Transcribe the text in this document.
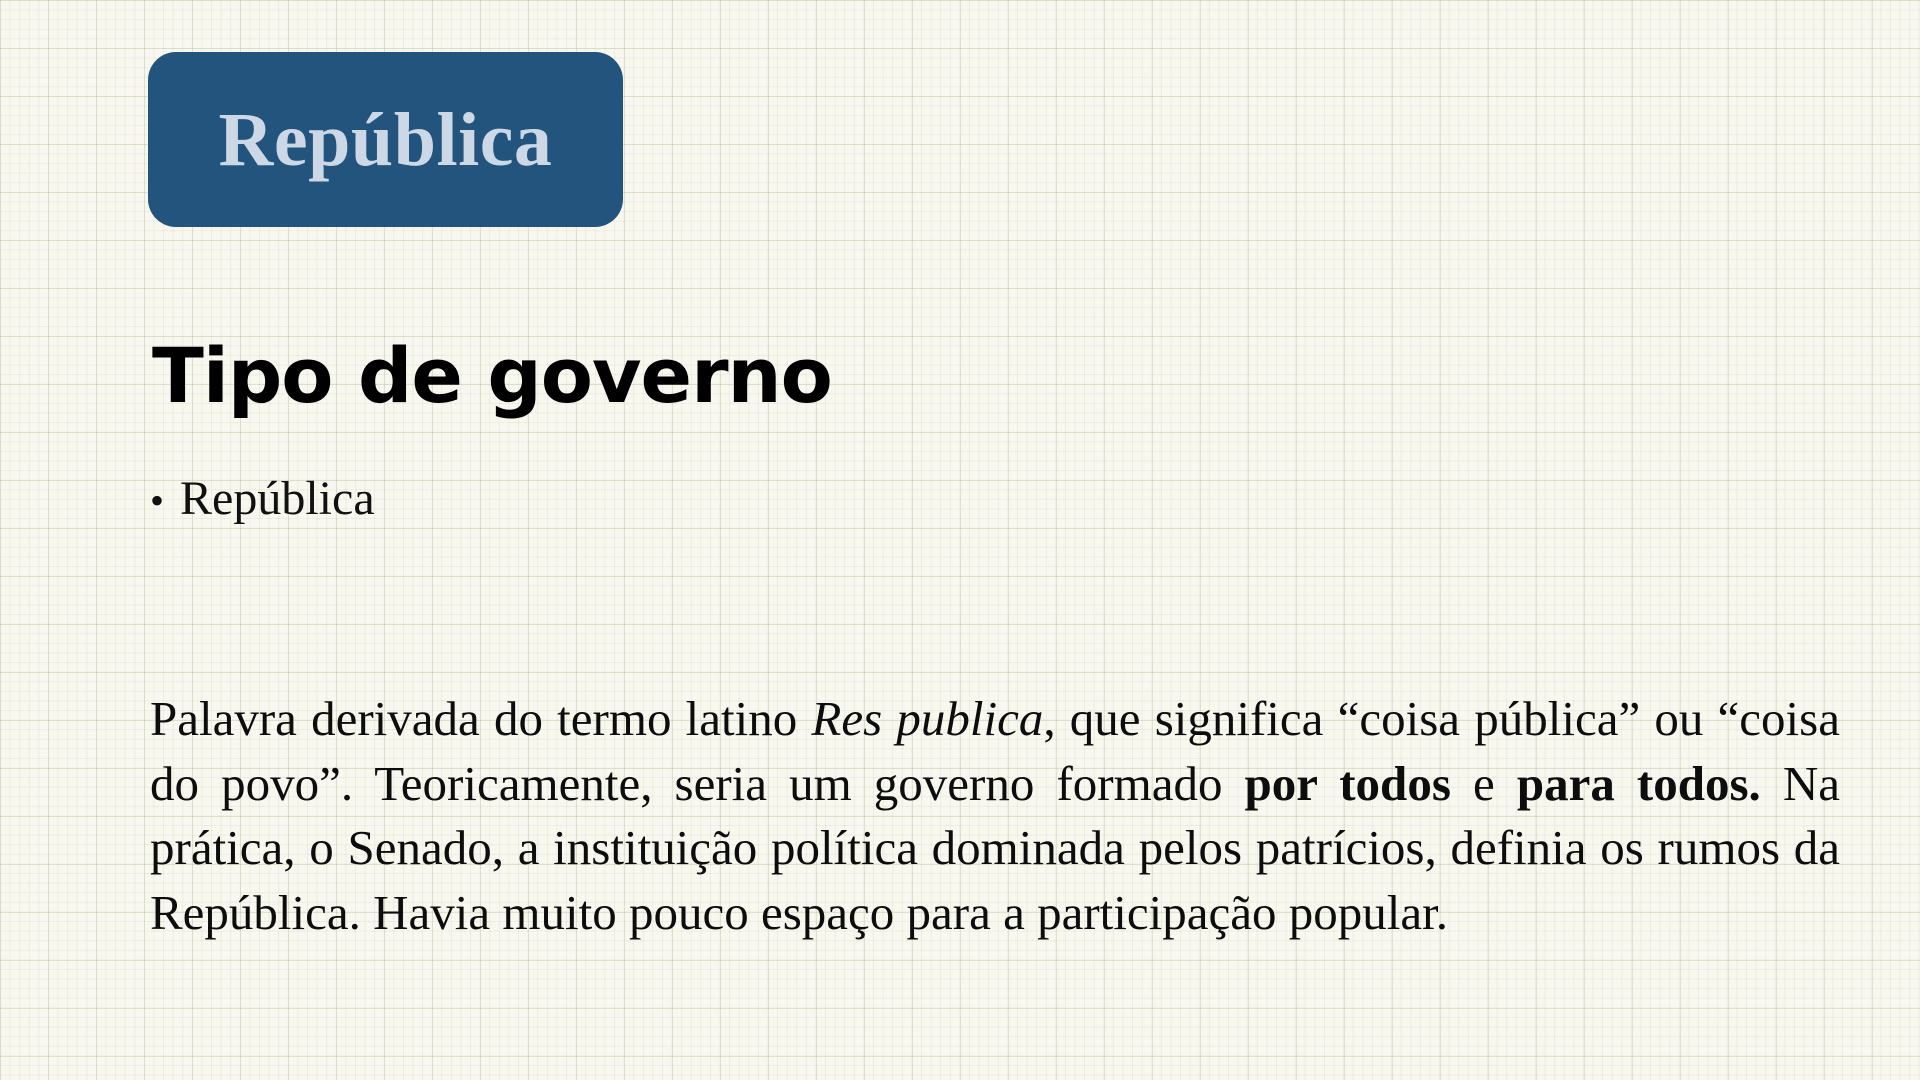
República
Tipo de governo
• República

Palavra derivada do termo latino Res publica, que significa “coisa pública” ou “coisa do povo”. Teoricamente, seria um governo formado por todos e para todos. Na prática, o Senado, a instituição política dominada pelos patrícios, definia os rumos da República. Havia muito pouco espaço para a participação popular.
